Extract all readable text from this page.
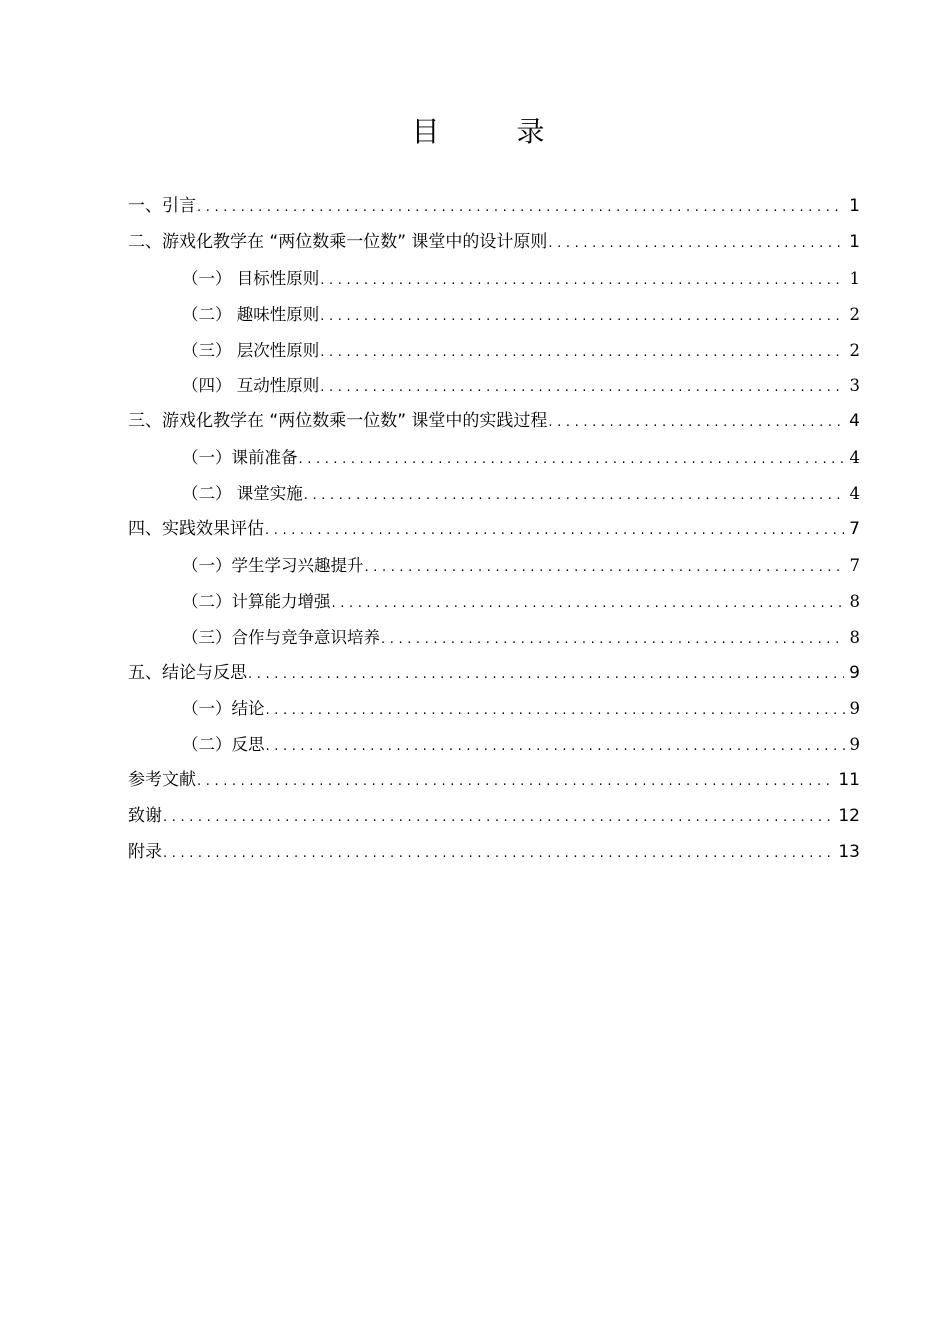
目 录
一、引言 .....	1
二、游戏化教学在 “两位数乘一位数” 课堂中的设计原则 .....	1
（一） 目标性原则 .....	1
（二） 趣味性原则 .....	2
（三） 层次性原则 .....	2
（四） 互动性原则 .....	3
三、游戏化教学在 “两位数乘一位数” 课堂中的实践过程 .....	4
（一）课前准备 .....	4
（二） 课堂实施 .....	4
四、实践效果评估 .....	7
（一）学生学习兴趣提升 .....	7
（二）计算能力增强 .....	8
（三）合作与竞争意识培养 .....	8
五、结论与反思 .....	9
（一）结论 .....	9
（二）反思 .....	9
参考文献 .....	11
致谢 .....	12
附录 .....	13
